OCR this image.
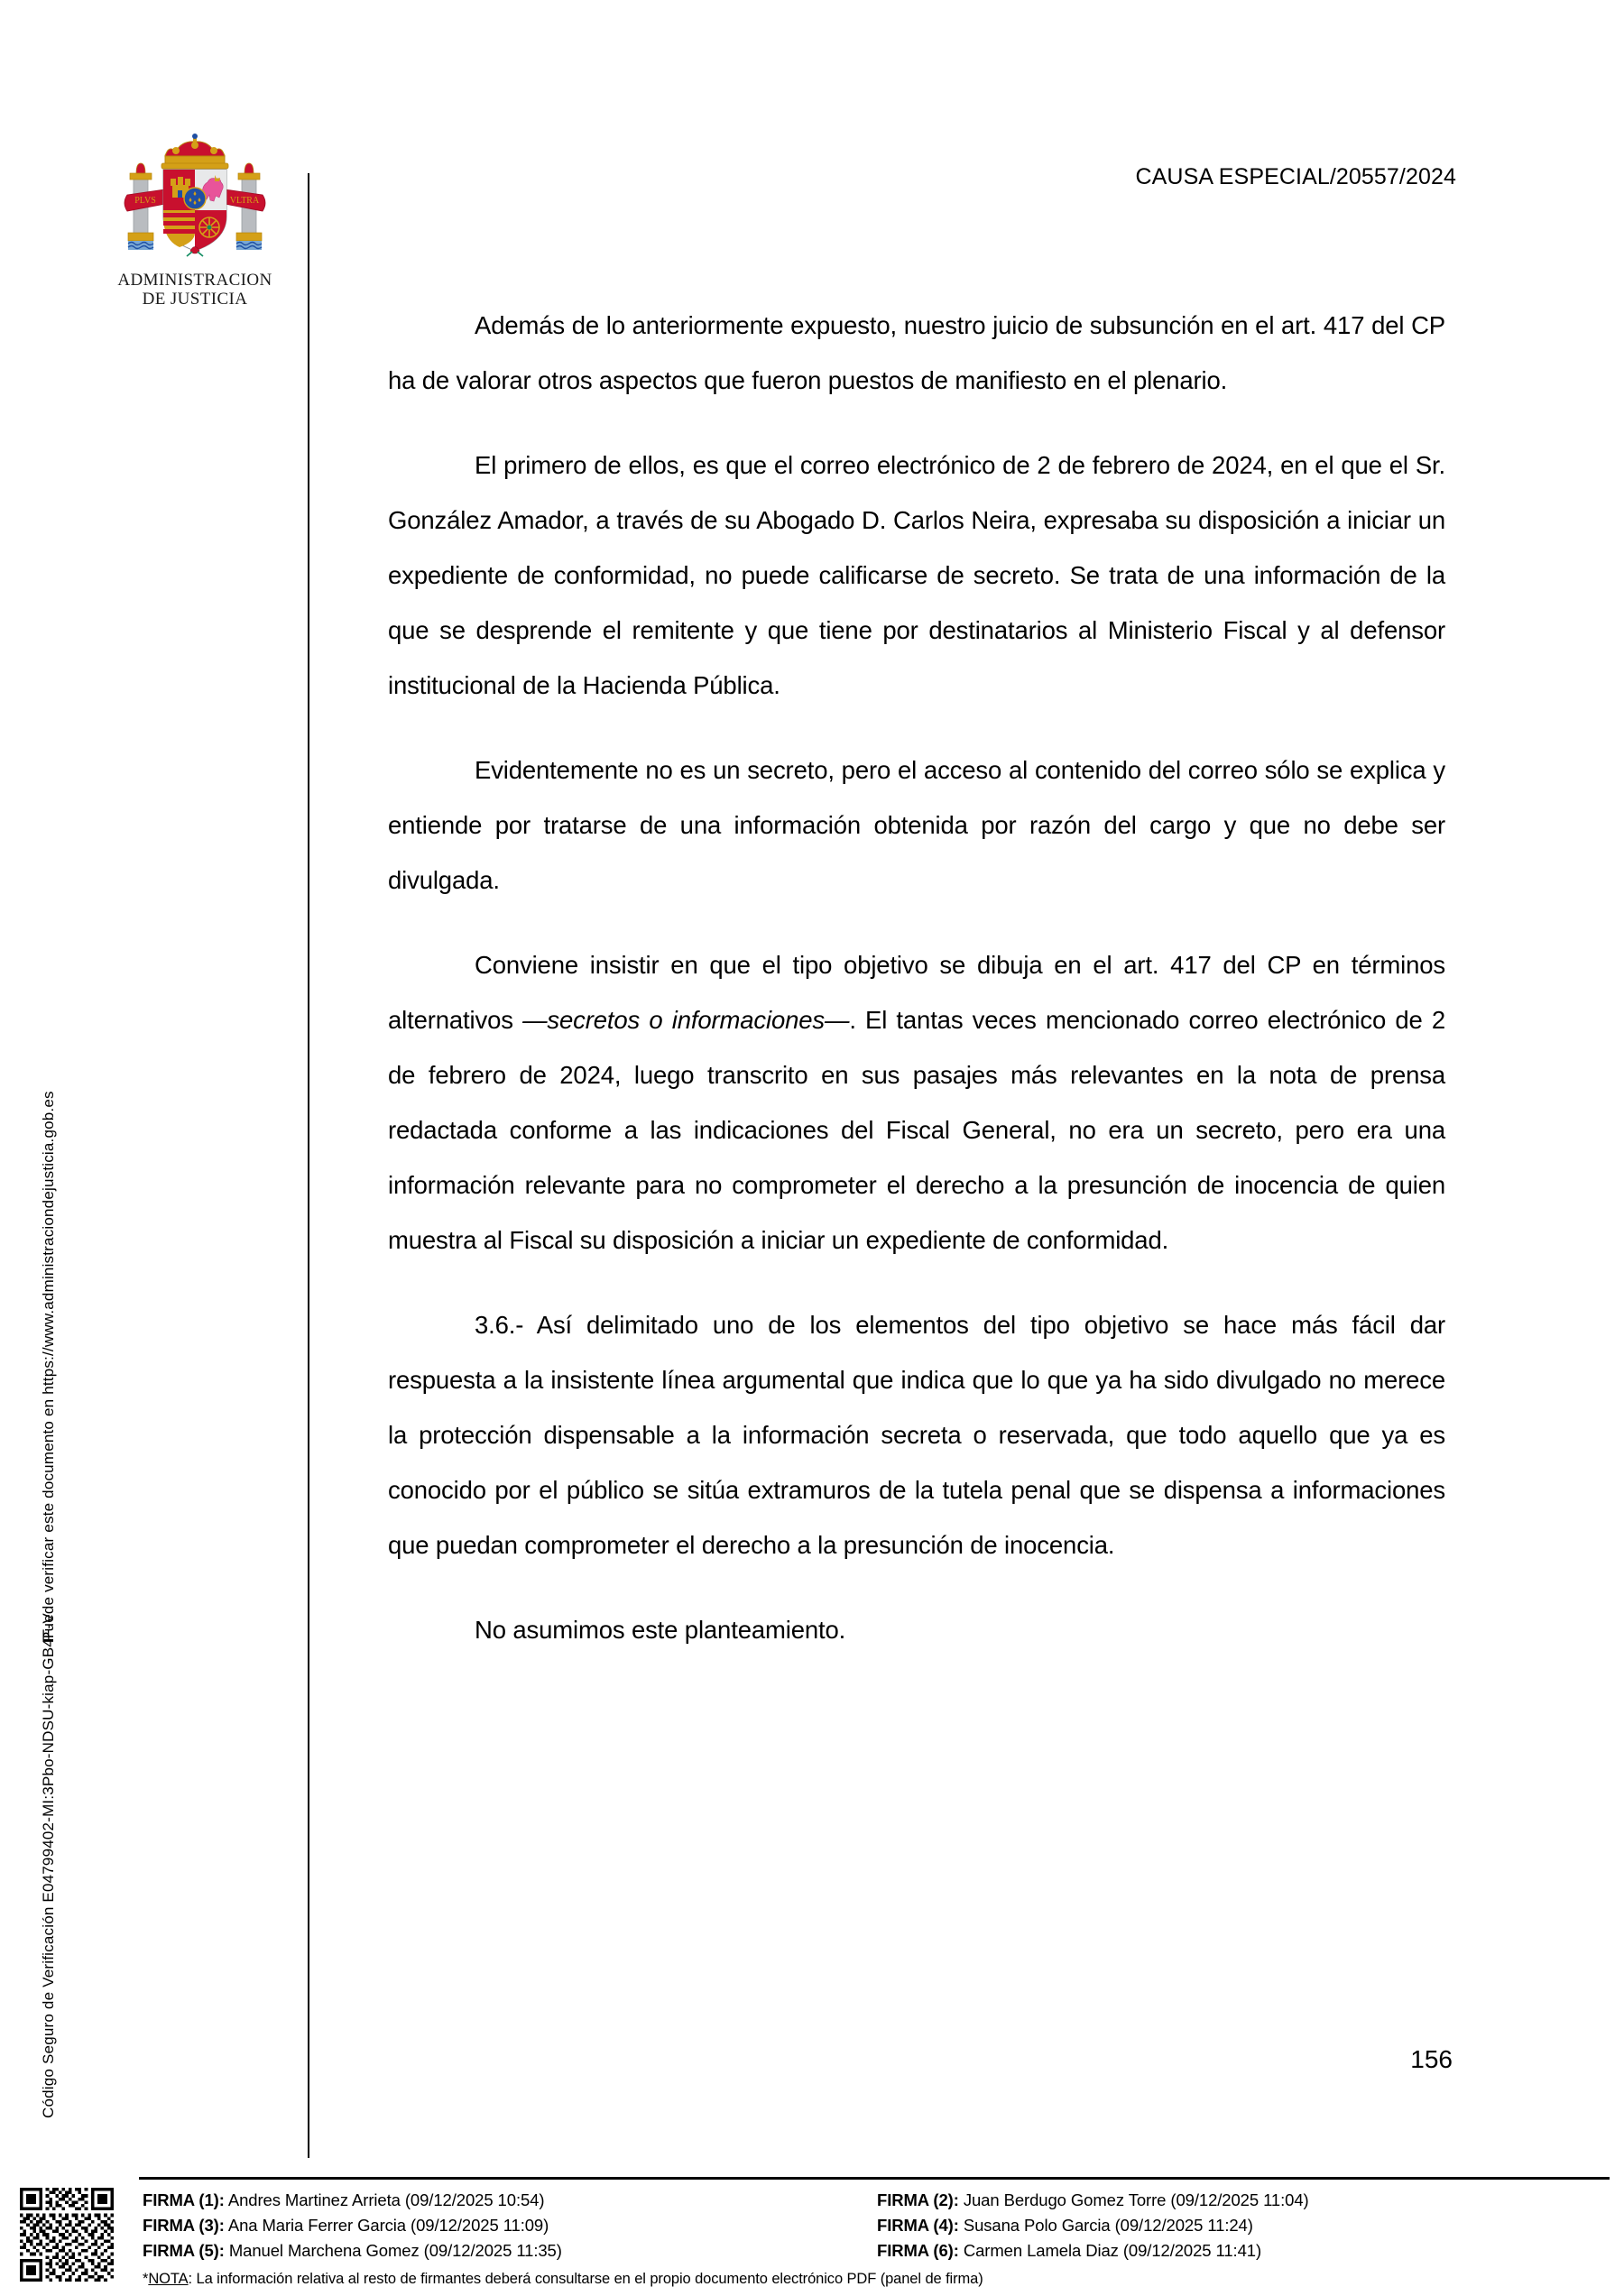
Código Seguro de Verificación E04799402-MI:3Pbo-NDSU-kiap-GB4F-V
Puede verificar este documento en https://www.administraciondejusticia.gob.es
PLVS	VLTRA
ADMINISTRACION
DE JUSTICIA
CAUSA ESPECIAL/20557/2024

Además de lo anteriormente expuesto, nuestro juicio de subsunción en el art. 417 del CP ha de valorar otros aspectos que fueron puestos de manifiesto en el plenario.

El primero de ellos, es que el correo electrónico de 2 de febrero de 2024, en el que el Sr. González Amador, a través de su Abogado D. Carlos Neira, expresaba su disposición a iniciar un expediente de conformidad, no puede calificarse de secreto. Se trata de una información de la que se desprende el remitente y que tiene por destinatarios al Ministerio Fiscal y al defensor institucional de la Hacienda Pública.

Evidentemente no es un secreto, pero el acceso al contenido del correo sólo se explica y entiende por tratarse de una información obtenida por razón del cargo y que no debe ser divulgada.

Conviene insistir en que el tipo objetivo se dibuja en el art. 417 del CP en términos alternativos —secretos o informaciones—. El tantas veces mencionado correo electrónico de 2 de febrero de 2024, luego transcrito en sus pasajes más relevantes en la nota de prensa redactada conforme a las indicaciones del Fiscal General, no era un secreto, pero era una información relevante para no comprometer el derecho a la presunción de inocencia de quien muestra al Fiscal su disposición a iniciar un expediente de conformidad.

3.6.- Así delimitado uno de los elementos del tipo objetivo se hace más fácil dar respuesta a la insistente línea argumental que indica que lo que ya ha sido divulgado no merece la protección dispensable a la información secreta o reservada, que todo aquello que ya es conocido por el público se sitúa extramuros de la tutela penal que se dispensa a informaciones que puedan comprometer el derecho a la presunción de inocencia.

No asumimos este planteamiento.

156
FIRMA (1): Andres Martinez Arrieta (09/12/2025 10:54)	FIRMA (2): Juan Berdugo Gomez Torre (09/12/2025 11:04)
FIRMA (3): Ana Maria Ferrer Garcia (09/12/2025 11:09)	FIRMA (4): Susana Polo Garcia (09/12/2025 11:24)
FIRMA (5): Manuel Marchena Gomez (09/12/2025 11:35)	FIRMA (6): Carmen Lamela Diaz (09/12/2025 11:41)
*NOTA: La información relativa al resto de firmantes deberá consultarse en el propio documento electrónico PDF (panel de firma)
